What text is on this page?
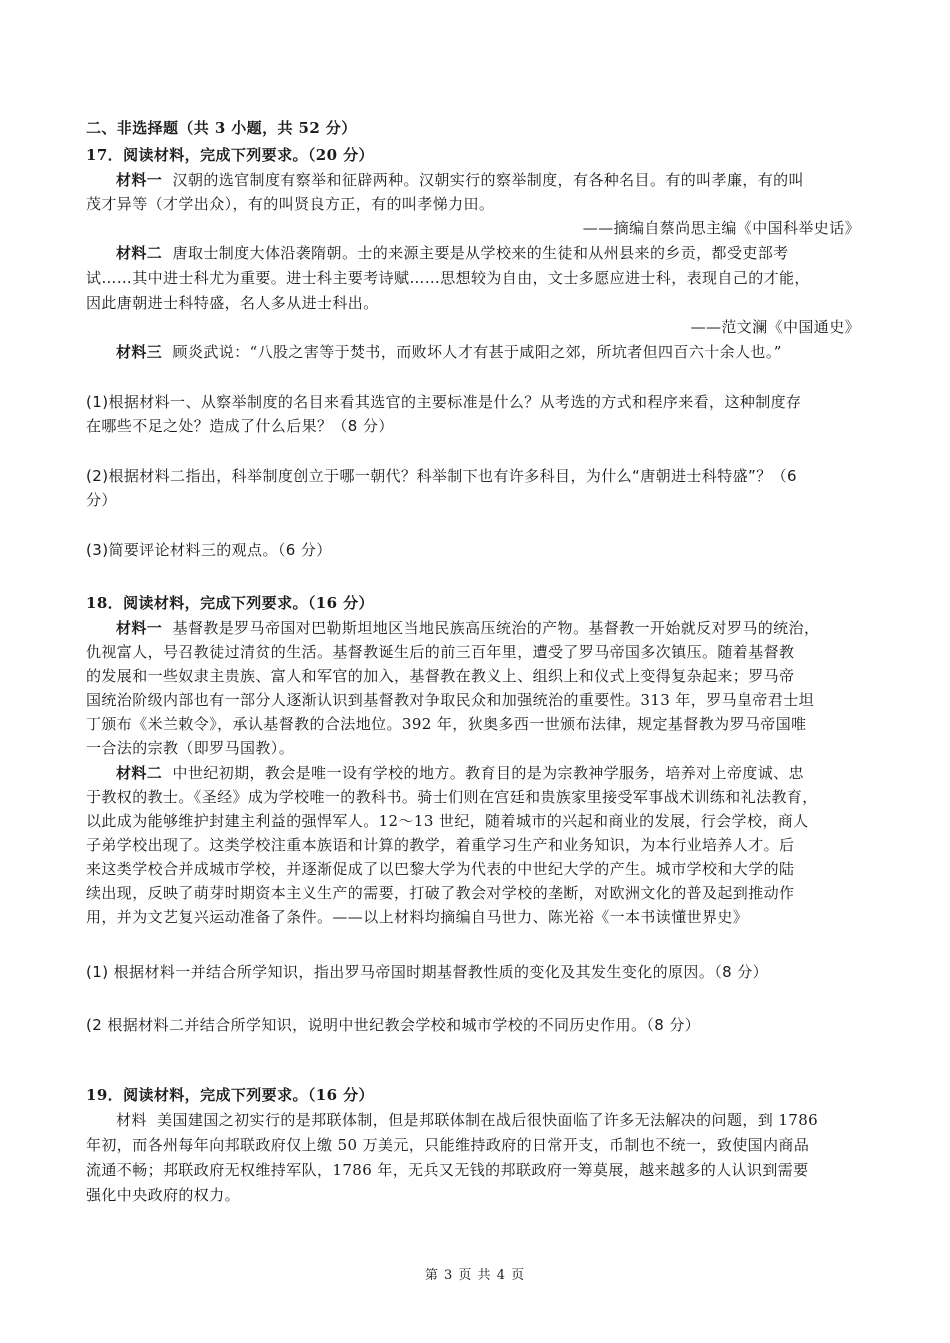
二、非选择题（共 3 小题，共 52 分）
17．阅读材料，完成下列要求。（20 分）
材料一 汉朝的选官制度有察举和征辟两种。汉朝实行的察举制度，有各种名目。有的叫孝廉，有的叫
茂才异等（才学出众），有的叫贤良方正，有的叫孝悌力田。
——摘编自蔡尚思主编《中国科举史话》
材料二 唐取士制度大体沿袭隋朝。士的来源主要是从学校来的生徒和从州县来的乡贡，都受吏部考
试……其中进士科尤为重要。进士科主要考诗赋……思想较为自由，文士多愿应进士科，表现自己的才能，
因此唐朝进士科特盛，名人多从进士科出。
——范文澜《中国通史》
材料三 顾炎武说：“八股之害等于焚书，而败坏人才有甚于咸阳之郊，所坑者但四百六十余人也。”
(1)根据材料一、从察举制度的名目来看其选官的主要标准是什么？从考选的方式和程序来看，这种制度存
在哪些不足之处？造成了什么后果？（8 分）
(2)根据材料二指出，科举制度创立于哪一朝代？科举制下也有许多科目，为什么“唐朝进士科特盛”？（6
分）
(3)简要评论材料三的观点。（6 分）
18．阅读材料，完成下列要求。（16 分）
材料一 基督教是罗马帝国对巴勒斯坦地区当地民族高压统治的产物。基督教一开始就反对罗马的统治，
仇视富人，号召教徒过清贫的生活。基督教诞生后的前三百年里，遭受了罗马帝国多次镇压。随着基督教
的发展和一些奴隶主贵族、富人和军官的加入，基督教在教义上、组织上和仪式上变得复杂起来；罗马帝
国统治阶级内部也有一部分人逐渐认识到基督教对争取民众和加强统治的重要性。313 年，罗马皇帝君士坦
丁颁布《米兰敕令》，承认基督教的合法地位。392 年，狄奥多西一世颁布法律，规定基督教为罗马帝国唯
一合法的宗教（即罗马国教）。
材料二 中世纪初期，教会是唯一设有学校的地方。教育目的是为宗教神学服务，培养对上帝度诚、忠
于教权的教士。《圣经》成为学校唯一的教科书。骑士们则在宫廷和贵族家里接受军事战术训练和礼法教育，
以此成为能够维护封建主利益的强悍军人。12～13 世纪，随着城市的兴起和商业的发展，行会学校，商人
子弟学校出现了。这类学校注重本族语和计算的教学，着重学习生产和业务知识，为本行业培养人才。后
来这类学校合并成城市学校，并逐渐促成了以巴黎大学为代表的中世纪大学的产生。城市学校和大学的陆
续出现，反映了萌芽时期资本主义生产的需要，打破了教会对学校的垄断，对欧洲文化的普及起到推动作
用，并为文艺复兴运动准备了条件。——以上材料均摘编自马世力、陈光裕《一本书读懂世界史》
(1) 根据材料一并结合所学知识，指出罗马帝国时期基督教性质的变化及其发生变化的原因。（8 分）
(2 根据材料二并结合所学知识，说明中世纪教会学校和城市学校的不同历史作用。（8 分）
19．阅读材料，完成下列要求。（16 分）
材料 美国建国之初实行的是邦联体制，但是邦联体制在战后很快面临了许多无法解决的问题，到 1786
年初，而各州每年向邦联政府仅上缴 50 万美元，只能维持政府的日常开支，币制也不统一，致使国内商品
流通不畅；邦联政府无权维持军队，1786 年，无兵又无钱的邦联政府一筹莫展，越来越多的人认识到需要
强化中央政府的权力。
第 3 页 共 4 页
